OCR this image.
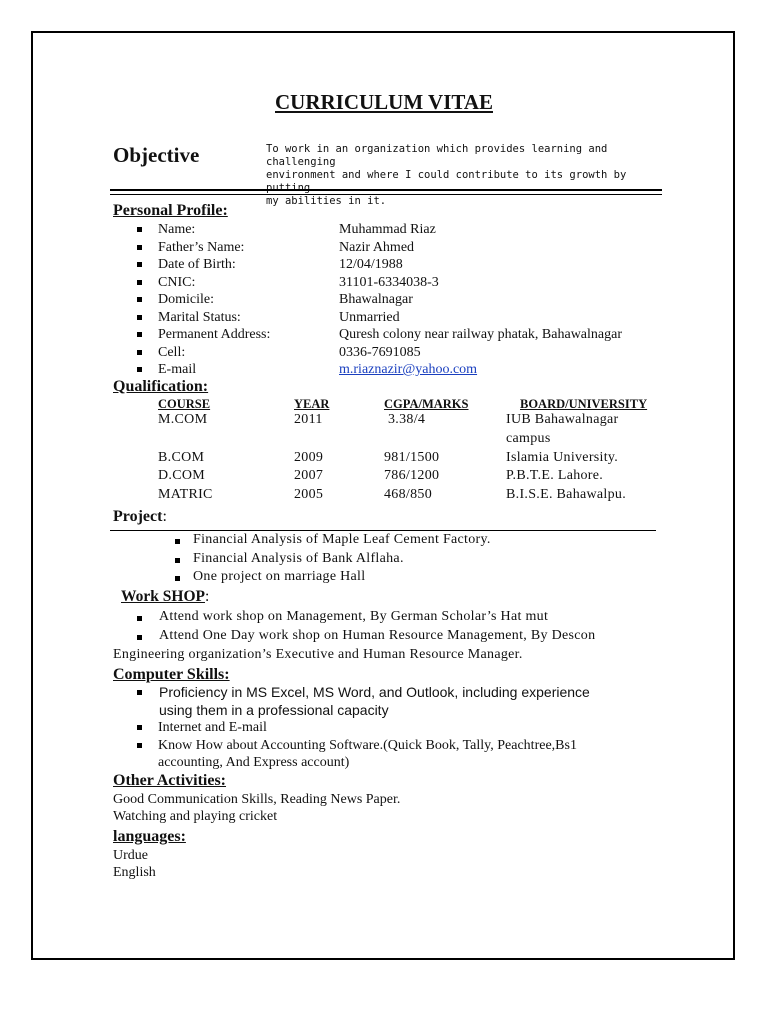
CURRICULUM VITAE
Objective	To work in an organization which provides learning and challenging
environment and where I could contribute to its growth by putting
my abilities in it.
Personal Profile:
Name:	Muhammad Riaz
Father’s Name:	Nazir Ahmed
Date of Birth:	12/04/1988
CNIC:	31101-6334038-3
Domicile:	Bhawalnagar
Marital Status:	Unmarried
Permanent Address:	Quresh colony near railway phatak, Bahawalnagar
Cell:	0336-7691085
E-mail	m.riaznazir@yahoo.com
Qualification:
COURSE	YEAR	CGPA/MARKS	BOARD/UNIVERSITY
M.COM	2011	3.38/4	IUB Bahawalnagar
campus
B.COM	2009	981/1500	Islamia University.
D.COM	2007	786/1200	P.B.T.E. Lahore.
MATRIC	2005	468/850	B.I.S.E. Bahawalpu.
Project:
Financial Analysis of Maple Leaf Cement Factory.
Financial Analysis of Bank Alflaha.
One project on marriage Hall
Work SHOP:
Attend work shop on Management, By German Scholar’s Hat mut
Attend One Day work shop on Human Resource Management, By Descon
Engineering organization’s Executive and Human Resource Manager.
Computer Skills:
Proficiency in MS Excel, MS Word, and Outlook, including experience
using them in a professional capacity
Internet and E-mail
Know How about Accounting Software.(Quick Book, Tally, Peachtree,Bs1
accounting, And Express account)
Other Activities:
Good Communication Skills, Reading News Paper.
Watching and playing cricket
languages:
Urdue
English
